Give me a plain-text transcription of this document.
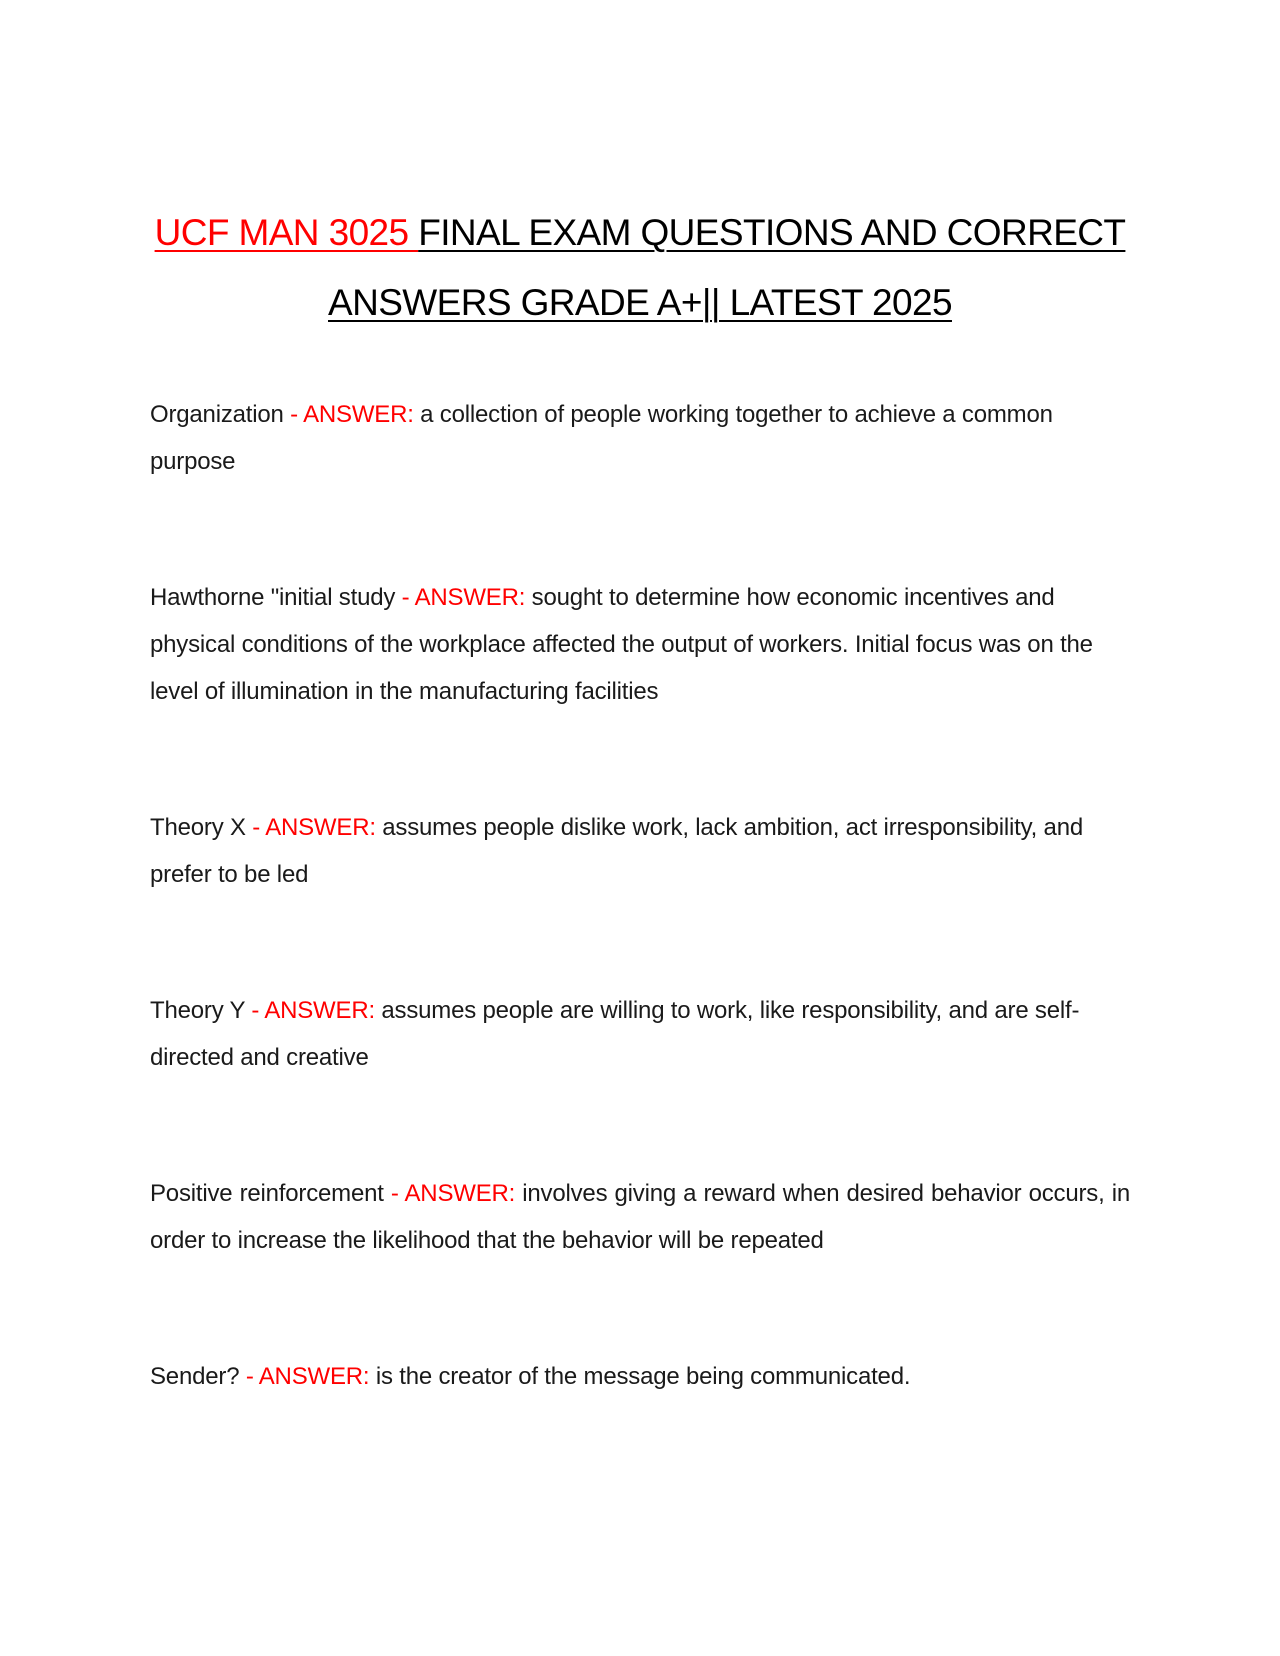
UCF MAN 3025 FINAL EXAM QUESTIONS AND CORRECT
ANSWERS GRADE A+|| LATEST 2025
Organization - ANSWER: a collection of people working together to achieve a common purpose
Hawthorne "initial study - ANSWER: sought to determine how economic incentives and physical conditions of the workplace affected the output of workers. Initial focus was on the level of illumination in the manufacturing facilities
Theory X - ANSWER: assumes people dislike work, lack ambition, act irresponsibility, and prefer to be led
Theory Y - ANSWER: assumes people are willing to work, like responsibility, and are self-directed and creative
Positive reinforcement - ANSWER: involves giving a reward when desired behavior occurs, in order to increase the likelihood that the behavior will be repeated
Sender? - ANSWER: is the creator of the message being communicated.
